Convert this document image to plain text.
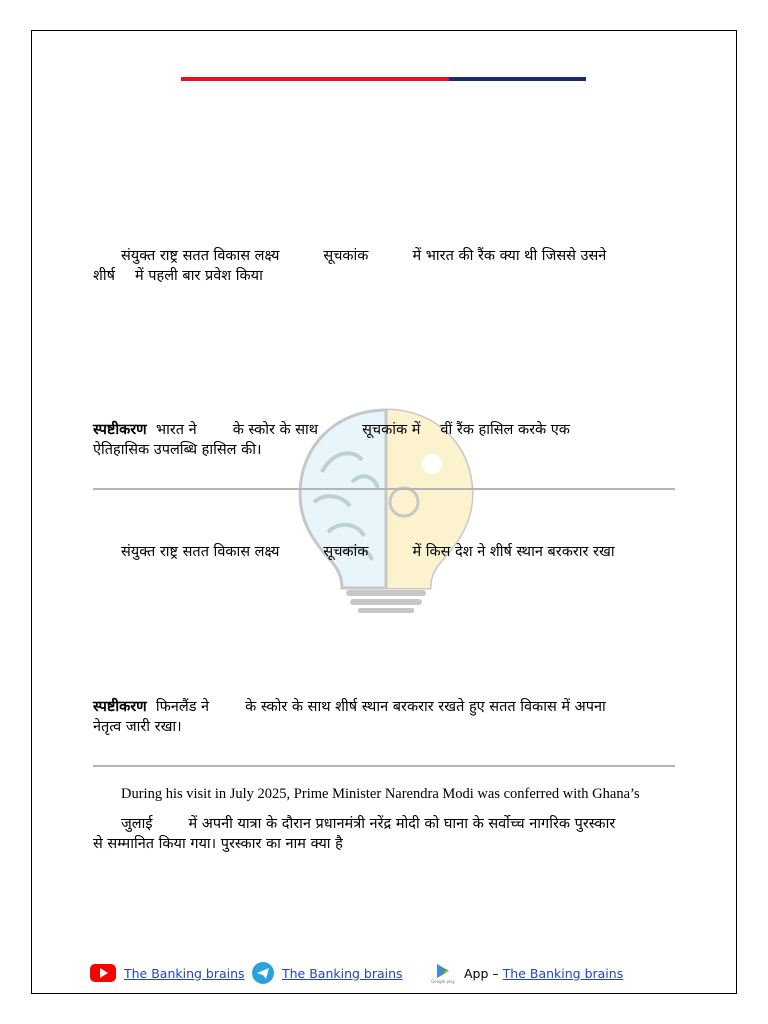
संयुक्त राष्ट्र सतत विकास लक्ष्य	सूचकांक	में भारत की रैंक क्या थी जिससे उसने
शीर्ष में पहली बार प्रवेश किया
स्पष्टीकरण भारत ने के स्कोर के साथ	सूचकांक में वीं रैंक हासिल करके एक
ऐतिहासिक उपलब्धि हासिल की।
संयुक्त राष्ट्र सतत विकास लक्ष्य	सूचकांक	में किस देश ने शीर्ष स्थान बरकरार रखा
स्पष्टीकरण फिनलैंड ने के स्कोर के साथ शीर्ष स्थान बरकरार रखते हुए सतत विकास में अपना
नेतृत्व जारी रखा।
During his visit in July 2025, Prime Minister Narendra Modi was conferred with Ghana’s
जुलाई में अपनी यात्रा के दौरान प्रधानमंत्री नरेंद्र मोदी को घाना के सर्वोच्च नागरिक पुरस्कार
से सम्मानित किया गया। पुरस्कार का नाम क्या है
The Banking brains	The Banking brains
Google play
App – The Banking brains
